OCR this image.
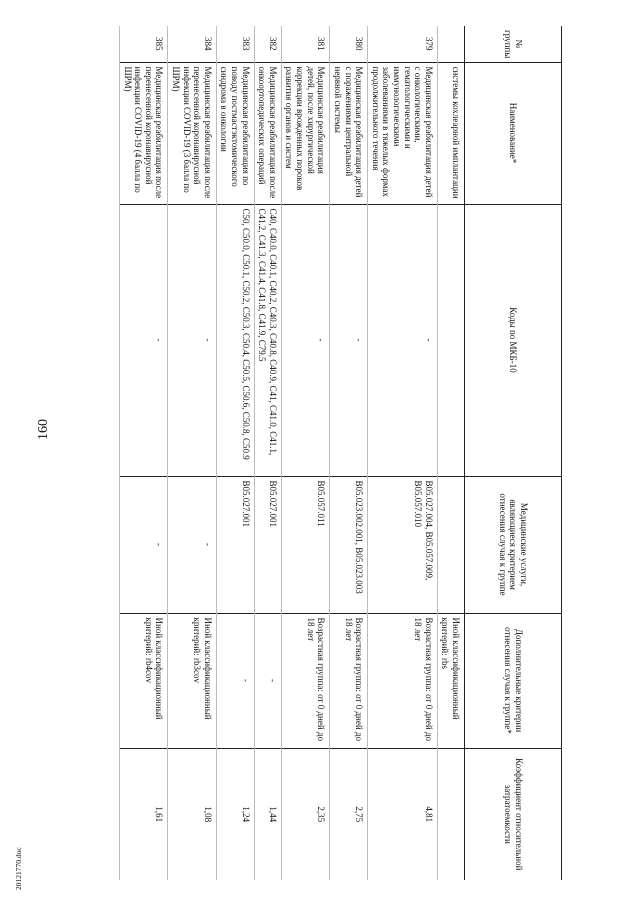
160
20121770.doc
№ группы	Наименование*	Коды по МКБ-10	Медицинские услуги, являющиеся критерием отнесения случая к группе	Дополнительные критерии отнесения случая к группе*	Коэффициент относительной затратоемкости
	системы кохлеарной имплантации			Иной классификационный критерий: rbs	
379	Медицинская реабилитация детей с онкологическими, гематологическими и иммунологическими заболеваниями в тяжелых формах продолжительного течения	-	B05.027.004, B05.057.009, B05.057.010	Возрастная группа: от 0 дней до 18 лет	4,81
380	Медицинская реабилитация детей с поражениями центральной нервной системы	-	B05.023.002.001, B05.023.003	Возрастная группа: от 0 дней до 18 лет	2,75
381	Медицинская реабилитация детей, после хирургической коррекции врожденных пороков развития органов и систем	-	B05.057.011	Возрастная группа: от 0 дней до 18 лет	2,35
382	Медицинская реабилитация после онкоортопедических операций	C40, C40.0, C40.1, C40.2, C40.3, C40.8, C40.9, C41, C41.0, C41.1, C41.2, C41.3, C41.4, C41.8, C41.9, C79.5	B05.027.001	-	1,44
383	Медицинская реабилитация по поводу постмастэктомического синдрома в онкологии	C50, C50.0, C50.1, C50.2, C50.3, C50.4, C50.5, C50.6, C50.8, C50.9	B05.027.001	-	1,24
384	Медицинская реабилитация после перенесенной коронавирусной инфекции COVID-19 (3 балла по ШРМ)	-	-	Иной классификационный критерий: rb3cov	1,08
385	Медицинская реабилитация после перенесенной коронавирусной инфекции COVID-19 (4 балла по ШРМ)	-	-	Иной классификационный критерий: rb4cov	1,61
